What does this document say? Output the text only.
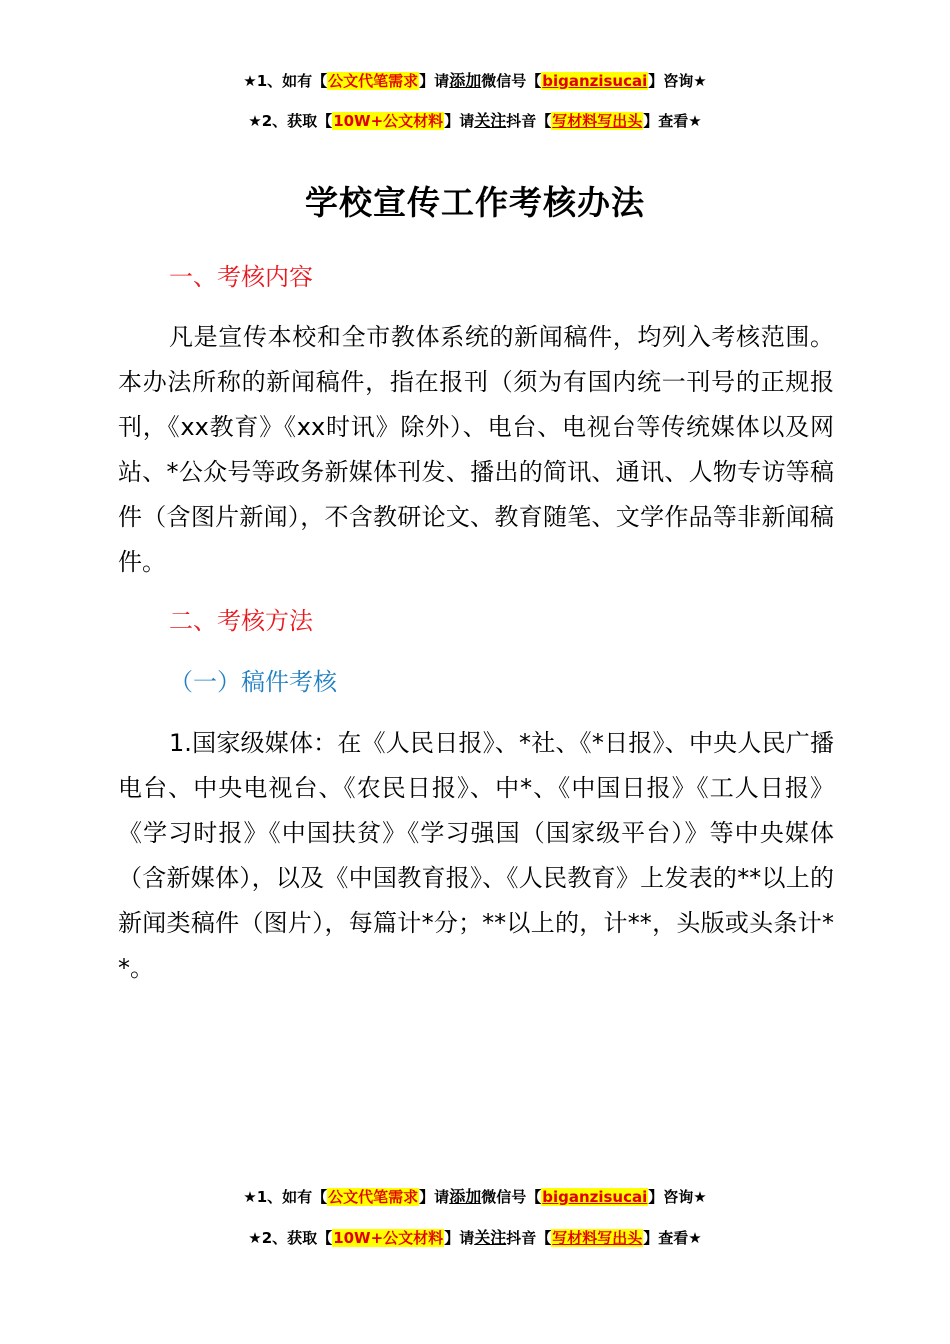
★1、如有【公文代笔需求】请添加微信号【biganzisucai】咨询★
★2、获取【10W+公文材料】请关注抖音【写材料写出头】查看★
学校宣传工作考核办法
一、考核内容
凡是宣传本校和全市教体系统的新闻稿件，均列入考核范围。本办法所称的新闻稿件，指在报刊（须为有国内统一刊号的正规报刊，《xx教育》《xx时讯》除外）、电台、电视台等传统媒体以及网站、*公众号等政务新媒体刊发、播出的简讯、通讯、人物专访等稿件（含图片新闻），不含教研论文、教育随笔、文学作品等非新闻稿件。
二、考核方法
（一）稿件考核
1.国家级媒体：在《人民日报》、*社、《*日报》、中央人民广播电台、中央电视台、《农民日报》、中*、《中国日报》《工人日报》《学习时报》《中国扶贫》《学习强国（国家级平台）》等中央媒体（含新媒体），以及《中国教育报》、《人民教育》上发表的**以上的新闻类稿件（图片），每篇计*分；**以上的，计**，头版或头条计**。
★1、如有【公文代笔需求】请添加微信号【biganzisucai】咨询★
★2、获取【10W+公文材料】请关注抖音【写材料写出头】查看★
